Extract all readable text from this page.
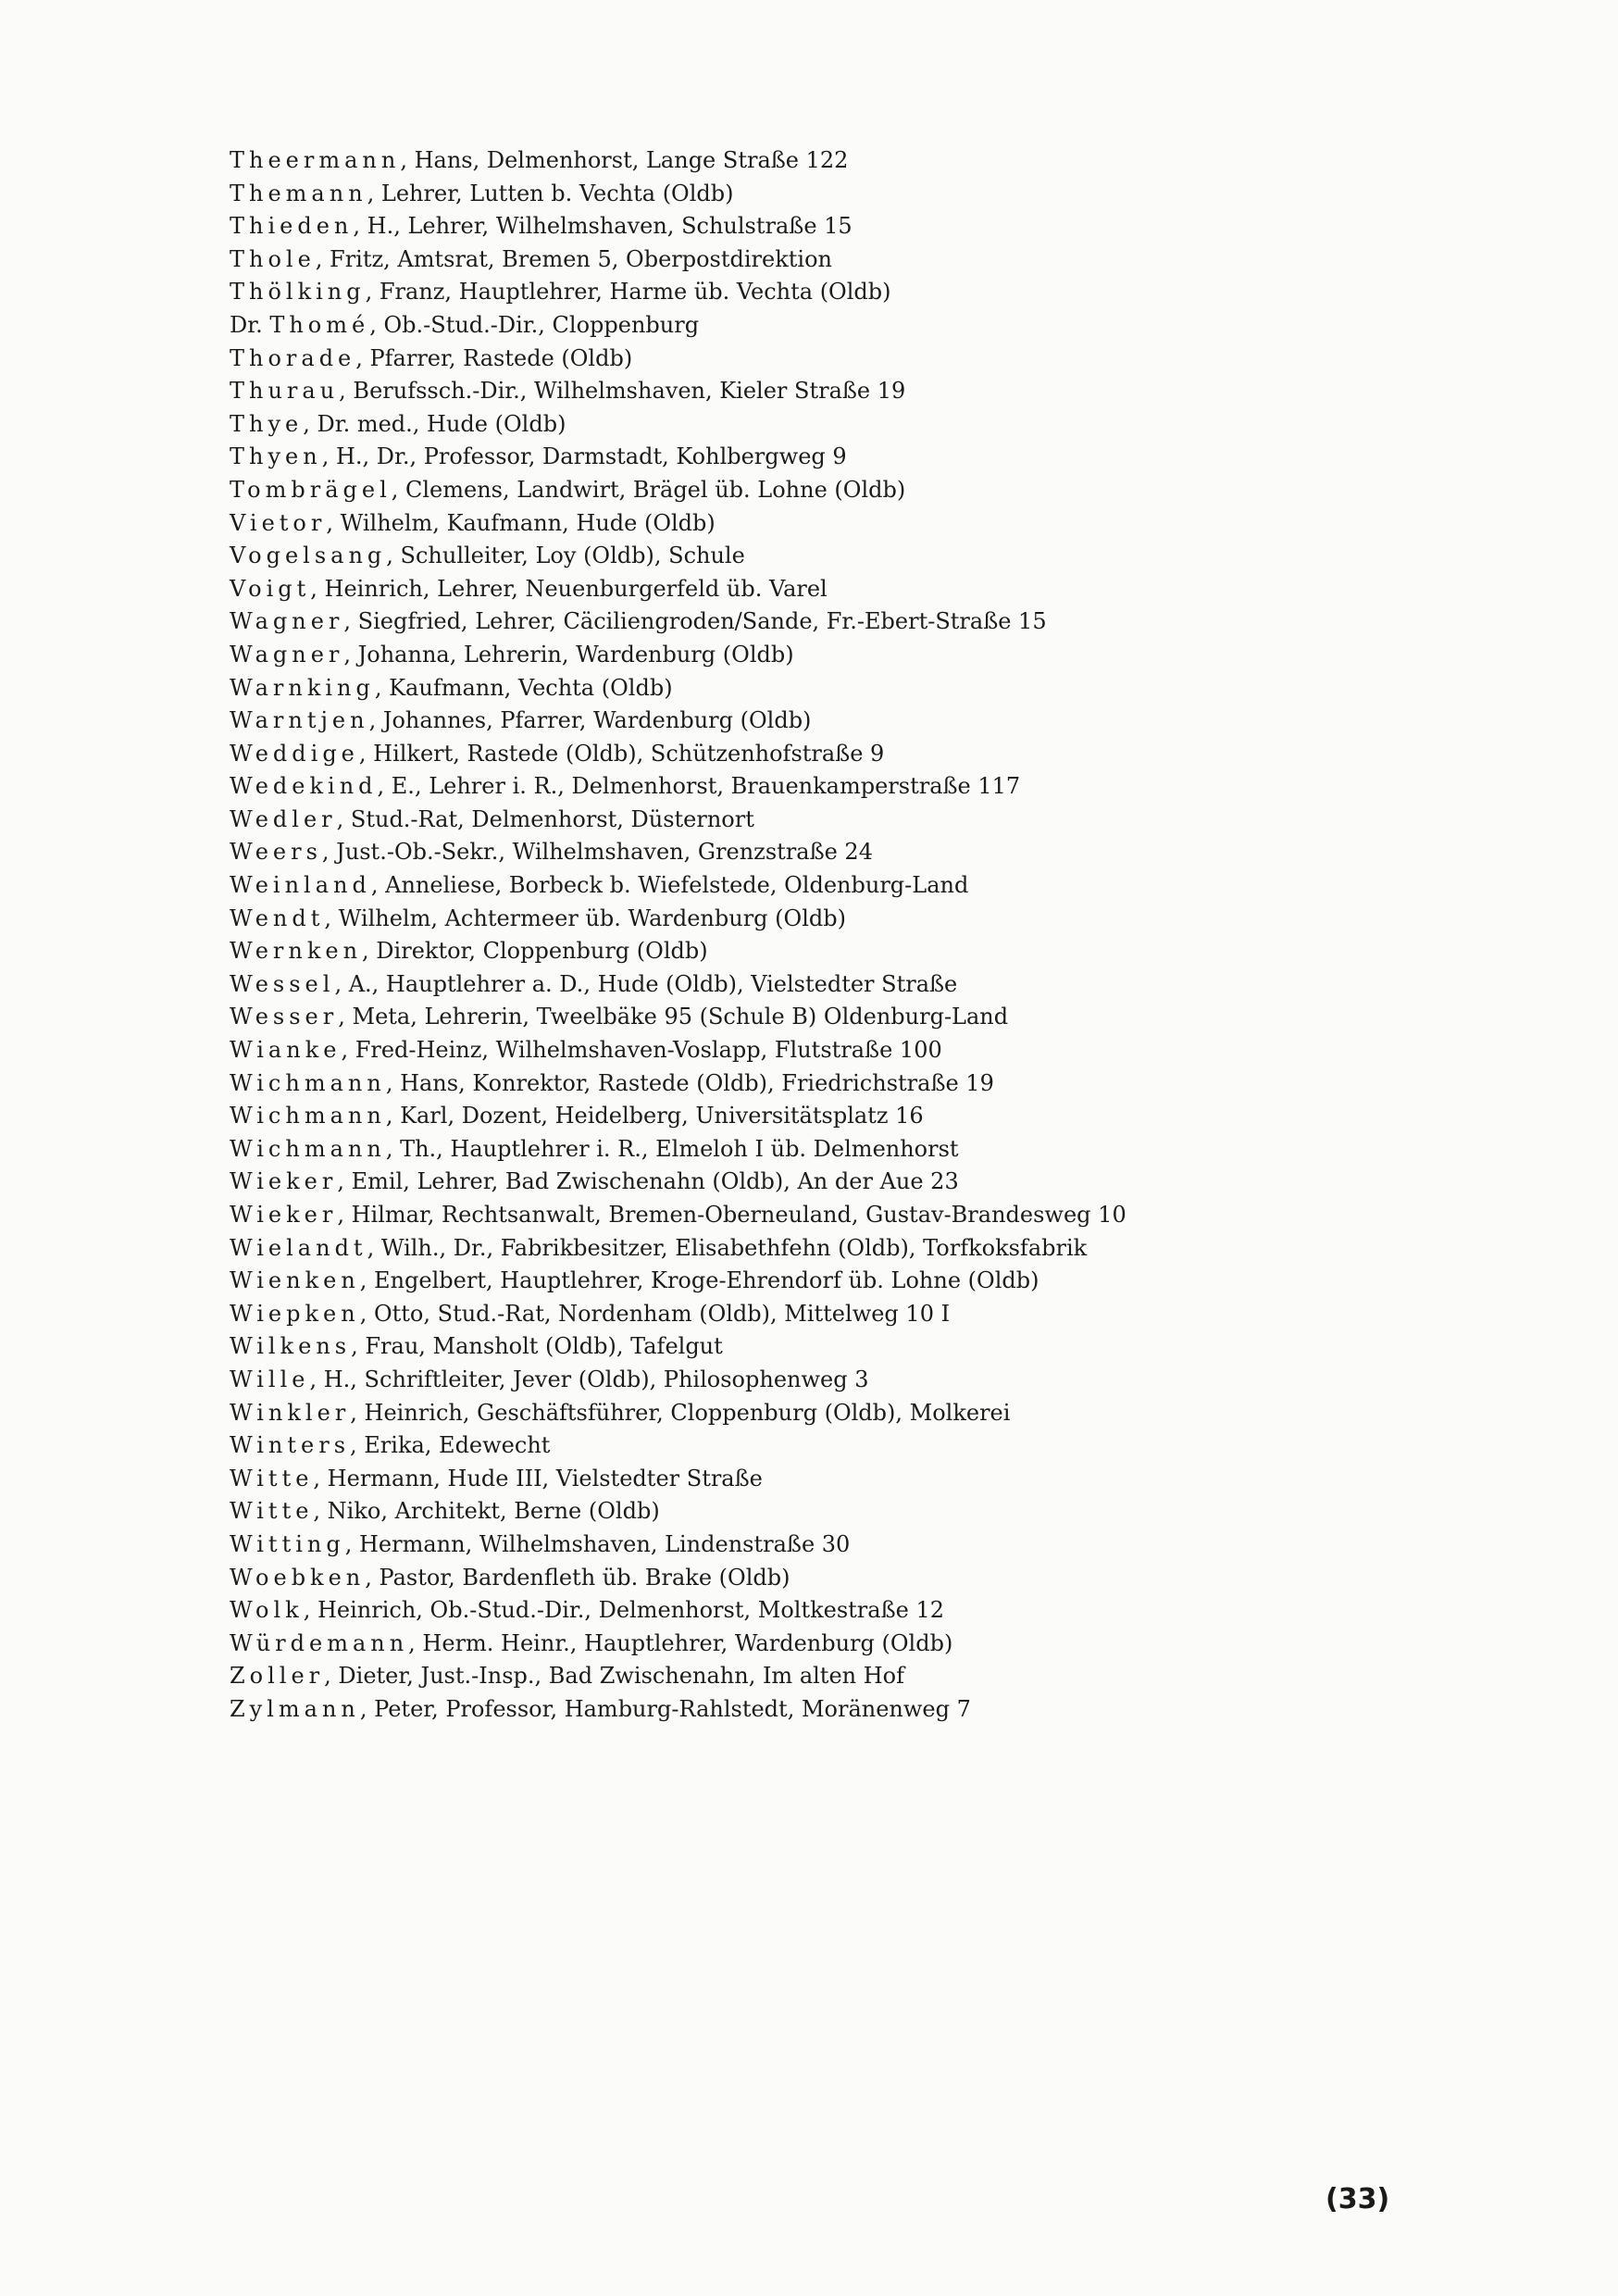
Theermann, Hans, Delmenhorst, Lange Straße 122
Themann, Lehrer, Lutten b. Vechta (Oldb)
Thieden, H., Lehrer, Wilhelmshaven, Schulstraße 15
Thole, Fritz, Amtsrat, Bremen 5, Oberpostdirektion
Thölking, Franz, Hauptlehrer, Harme üb. Vechta (Oldb)
Dr. Thomé, Ob.-Stud.-Dir., Cloppenburg
Thorade, Pfarrer, Rastede (Oldb)
Thurau, Berufssch.-Dir., Wilhelmshaven, Kieler Straße 19
Thye, Dr. med., Hude (Oldb)
Thyen, H., Dr., Professor, Darmstadt, Kohlbergweg 9
Tombrägel, Clemens, Landwirt, Brägel üb. Lohne (Oldb)
Vietor, Wilhelm, Kaufmann, Hude (Oldb)
Vogelsang, Schulleiter, Loy (Oldb), Schule
Voigt, Heinrich, Lehrer, Neuenburgerfeld üb. Varel
Wagner, Siegfried, Lehrer, Cäciliengroden/Sande, Fr.-Ebert-Straße 15
Wagner, Johanna, Lehrerin, Wardenburg (Oldb)
Warnking, Kaufmann, Vechta (Oldb)
Warntjen, Johannes, Pfarrer, Wardenburg (Oldb)
Weddige, Hilkert, Rastede (Oldb), Schützenhofstraße 9
Wedekind, E., Lehrer i. R., Delmenhorst, Brauenkamperstraße 117
Wedler, Stud.-Rat, Delmenhorst, Düsternort
Weers, Just.-Ob.-Sekr., Wilhelmshaven, Grenzstraße 24
Weinland, Anneliese, Borbeck b. Wiefelstede, Oldenburg-Land
Wendt, Wilhelm, Achtermeer üb. Wardenburg (Oldb)
Wernken, Direktor, Cloppenburg (Oldb)
Wessel, A., Hauptlehrer a. D., Hude (Oldb), Vielstedter Straße
Wesser, Meta, Lehrerin, Tweelbäke 95 (Schule B) Oldenburg-Land
Wianke, Fred-Heinz, Wilhelmshaven-Voslapp, Flutstraße 100
Wichmann, Hans, Konrektor, Rastede (Oldb), Friedrichstraße 19
Wichmann, Karl, Dozent, Heidelberg, Universitätsplatz 16
Wichmann, Th., Hauptlehrer i. R., Elmeloh I üb. Delmenhorst
Wieker, Emil, Lehrer, Bad Zwischenahn (Oldb), An der Aue 23
Wieker, Hilmar, Rechtsanwalt, Bremen-Oberneuland, Gustav-Brandesweg 10
Wielandt, Wilh., Dr., Fabrikbesitzer, Elisabethfehn (Oldb), Torfkoksfabrik
Wienken, Engelbert, Hauptlehrer, Kroge-Ehrendorf üb. Lohne (Oldb)
Wiepken, Otto, Stud.-Rat, Nordenham (Oldb), Mittelweg 10 I
Wilkens, Frau, Mansholt (Oldb), Tafelgut
Wille, H., Schriftleiter, Jever (Oldb), Philosophenweg 3
Winkler, Heinrich, Geschäftsführer, Cloppenburg (Oldb), Molkerei
Winters, Erika, Edewecht
Witte, Hermann, Hude III, Vielstedter Straße
Witte, Niko, Architekt, Berne (Oldb)
Witting, Hermann, Wilhelmshaven, Lindenstraße 30
Woebken, Pastor, Bardenfleth üb. Brake (Oldb)
Wolk, Heinrich, Ob.-Stud.-Dir., Delmenhorst, Moltkestraße 12
Würdemann, Herm. Heinr., Hauptlehrer, Wardenburg (Oldb)
Zoller, Dieter, Just.-Insp., Bad Zwischenahn, Im alten Hof
Zylmann, Peter, Professor, Hamburg-Rahlstedt, Moränenweg 7
(33)
